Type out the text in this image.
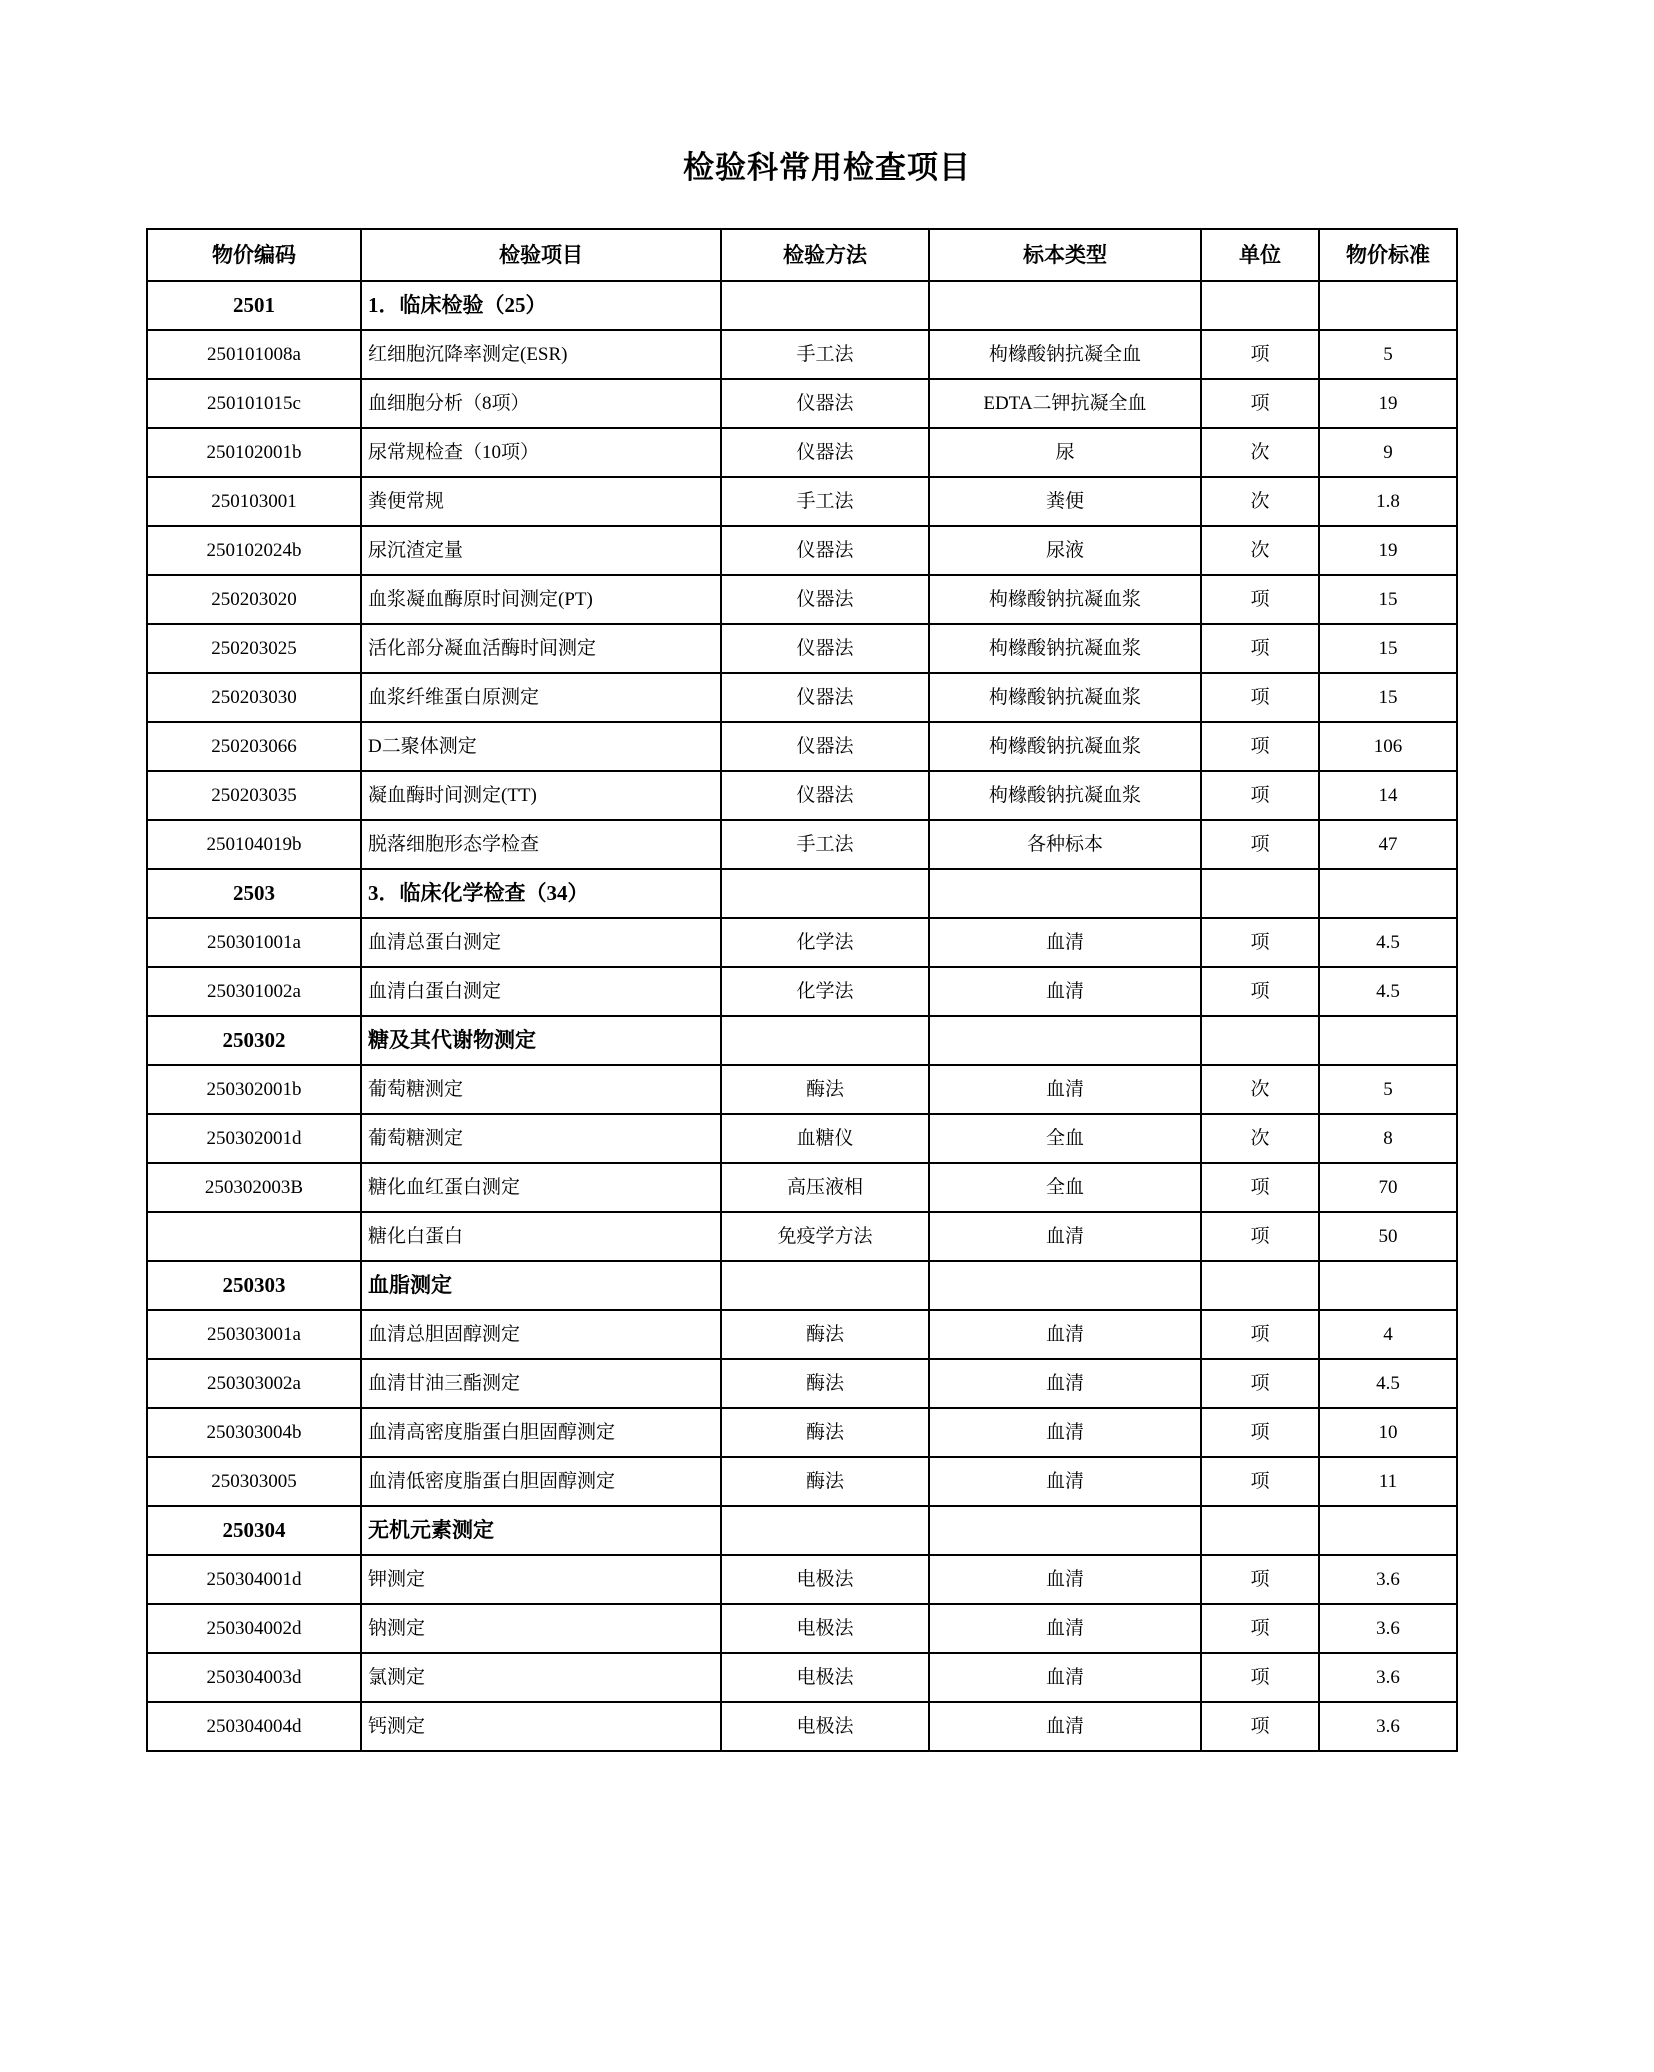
检验科常用检查项目
物价编码	检验项目	检验方法	标本类型	单位	物价标准
2501	1．临床检验（25）				
250101008a	红细胞沉降率测定(ESR)	手工法	枸橼酸钠抗凝全血	项	5
250101015c	血细胞分析（8项）	仪器法	EDTA二钾抗凝全血	项	19
250102001b	尿常规检查（10项）	仪器法	尿	次	9
250103001	粪便常规	手工法	粪便	次	1.8
250102024b	尿沉渣定量	仪器法	尿液	次	19
250203020	血浆凝血酶原时间测定(PT)	仪器法	枸橼酸钠抗凝血浆	项	15
250203025	活化部分凝血活酶时间测定	仪器法	枸橼酸钠抗凝血浆	项	15
250203030	血浆纤维蛋白原测定	仪器法	枸橼酸钠抗凝血浆	项	15
250203066	D二聚体测定	仪器法	枸橼酸钠抗凝血浆	项	106
250203035	凝血酶时间测定(TT)	仪器法	枸橼酸钠抗凝血浆	项	14
250104019b	脱落细胞形态学检查	手工法	各种标本	项	47
2503	3．临床化学检查（34）				
250301001a	血清总蛋白测定	化学法	血清	项	4.5
250301002a	血清白蛋白测定	化学法	血清	项	4.5
250302	糖及其代谢物测定				
250302001b	葡萄糖测定	酶法	血清	次	5
250302001d	葡萄糖测定	血糖仪	全血	次	8
250302003B	糖化血红蛋白测定	高压液相	全血	项	70
	糖化白蛋白	免疫学方法	血清	项	50
250303	血脂测定				
250303001a	血清总胆固醇测定	酶法	血清	项	4
250303002a	血清甘油三酯测定	酶法	血清	项	4.5
250303004b	血清高密度脂蛋白胆固醇测定	酶法	血清	项	10
250303005	血清低密度脂蛋白胆固醇测定	酶法	血清	项	11
250304	无机元素测定				
250304001d	钾测定	电极法	血清	项	3.6
250304002d	钠测定	电极法	血清	项	3.6
250304003d	氯测定	电极法	血清	项	3.6
250304004d	钙测定	电极法	血清	项	3.6
